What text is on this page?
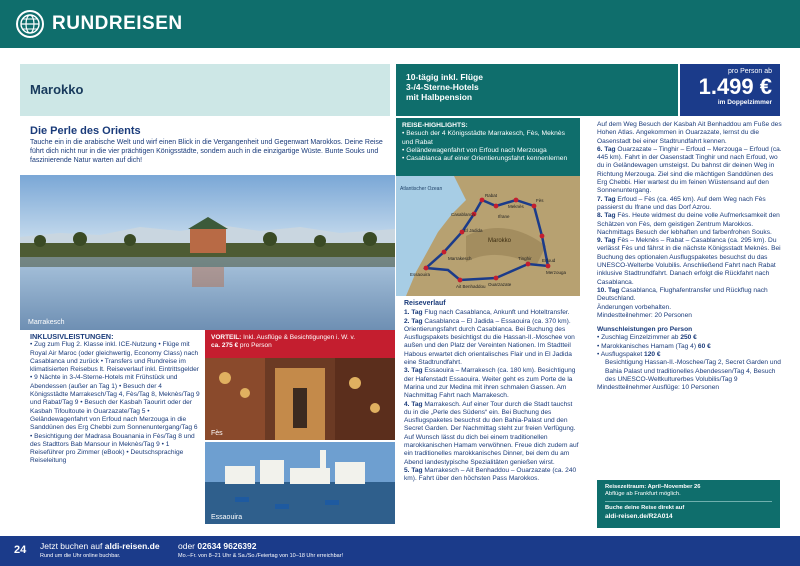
RUNDREISEN
Marokko
10-tägig inkl. Flüge
3-/4-Sterne-Hotels
mit Halbpension
pro Person ab
1.499 €
im Doppelzimmer
Die Perle des Orients
Tauche ein in die arabische Welt und wirf einen Blick in die Vergangenheit und Gegenwart Marokkos. Deine Reise führt dich nicht nur in die vier prächtigen Königsstädte, sondern auch in die einzigartige Wüste. Bunte Souks und faszinierende Natur warten auf dich!
Marrakesch
INKLUSIVLEISTUNGEN:
• Zug zum Flug 2. Klasse inkl. ICE-Nutzung • Flüge mit Royal Air Maroc (oder gleichwertig, Economy Class) nach Casablanca und zurück • Transfers und Rundreise im klimatisierten Reisebus lt. Reiseverlauf inkl. Eintrittsgelder • 9 Nächte in 3-/4-Sterne-Hotels mit Frühstück und Abendessen (außer an Tag 1) • Besuch der 4 Königsstädte Marrakesch/Tag 4, Fès/Tag 8, Meknès/Tag 9 und Rabat/Tag 9 • Besuch der Kasbah Taourirt oder der Kasbah Tifoultoute in Ouarzazate/Tag 5 • Geländewagenfahrt von Erfoud nach Merzouga in die Sanddünen des Erg Chebbi zum Sonnenuntergang/Tag 6 • Besichtigung der Madrasa Bouanania in Fès/Tag 8 und des Stadttors Bab Mansour in Meknès/Tag 9 • 1 Reiseführer pro Zimmer (eBook) • Deutschsprachige Reiseleitung
VORTEIL: Inkl. Ausflüge & Besichtigungen i. W. v.
ca. 275 € pro Person
Fès
Essaouira
REISE-HIGHLIGHTS:
• Besuch der 4 Königsstädte Marrakesch, Fès, Meknès und Rabat
• Geländewagenfahrt von Erfoud nach Merzouga
• Casablanca auf einer Orientierungsfahrt kennenlernen
Atlantischer Ozean
Marokko
Rabat
Casablanca
Meknès
Fès
El Jadida
Ifrane
Marrakesch
Essaouira
Ouarzazate
Erfoud
Merzouga
Tinghir
Ait Benhaddou
Reiseverlauf
1. Tag Flug nach Casablanca, Ankunft und Hoteltransfer.
2. Tag Casablanca – El Jadida – Essaouira (ca. 370 km). Orientierungsfahrt durch Casablanca. Bei Buchung des Ausflugspakets besichtigst du die Hassan-II.-Moschee von außen und den Platz der Vereinten Nationen. Im Stadtteil Habous erwartet dich orientalisches Flair und in El Jadida eine Stadtrundfahrt.
3. Tag Essaouira – Marrakesch (ca. 180 km). Besichtigung der Hafenstadt Essaouira. Weiter geht es zum Porte de la Marina und zur Medina mit ihren schmalen Gassen. Am Nachmittag Fahrt nach Marrakesch.
4. Tag Marrakesch. Auf einer Tour durch die Stadt tauchst du in die „Perle des Südens“ ein. Bei Buchung des Ausflugspaketes besuchst du den Bahia-Palast und den Secret Garden. Der Nachmittag steht zur freien Verfügung. Auf Wunsch lässt du dich bei einem traditionellen marokkanischen Hamam verwöhnen. Freue dich zudem auf ein traditionelles marokkanisches Dinner, bei dem du am Abend landestypische Spezialitäten genießen wirst.
5. Tag Marrakesch – Ait Benhaddou – Ouarzazate (ca. 240 km). Fahrt über den höchsten Pass Marokkos.
Auf dem Weg Besuch der Kasbah Ait Benhaddou am Fuße des Hohen Atlas. Angekommen in Ouarzazate, lernst du die Oasenstadt bei einer Stadtrundfahrt kennen.
6. Tag Ouarzazate – Tinghir – Erfoud – Merzouga – Erfoud (ca. 445 km). Fahrt in der Oasenstadt Tinghir und nach Erfoud, wo du in Geländewagen umsteigst. Du bahnst dir deinen Weg in Richtung Merzouga. Ziel sind die mächtigen Sanddünen des Erg Chebbi. Hier wartest du im feinen Wüstensand auf den Sonnenuntergang.
7. Tag Erfoud – Fès (ca. 465 km). Auf dem Weg nach Fès passierst du Ifrane und das Dorf Azrou.
8. Tag Fès. Heute widmest du deine volle Aufmerksamkeit den Schätzen von Fès, dem geistigen Zentrum Marokkos. Nachmittags Besuch der lebhaften und farbenfrohen Souks.
9. Tag Fès – Meknès – Rabat – Casablanca (ca. 295 km). Du verlässt Fès und fährst in die nächste Königsstadt Meknès. Bei Buchung des optionalen Ausflugspaketes besuchst du das UNESCO-Welterbe Volubilis. Anschließend Fahrt nach Rabat inklusive Stadtrundfahrt. Danach erfolgt die Rückfahrt nach Casablanca.
10. Tag Casablanca, Flughafentransfer und Rückflug nach Deutschland.
Änderungen vorbehalten.
Mindestteilnehmer: 20 Personen
Wunschleistungen pro Person
• Zuschlag Einzelzimmer ab 250 €
• Marokkanisches Hamam (Tag 4) 60 €
• Ausflugspaket 120 €
Besichtigung Hassan-II.-Moschee/Tag 2, Secret Garden und Bahia Palast und traditionelles Abendessen/Tag 4, Besuch des UNESCO-Weltkulturerbes Volubilis/Tag 9
Mindestteilnehmer Ausflüge: 10 Personen
Reisezeitraum: April–November 26
Abflüge ab Frankfurt möglich.
Buche deine Reise direkt auf
aldi-reisen.de/R2A014
24 Jetzt buchen auf aldi-reisen.de
Rund um die Uhr online buchbar.
oder 02634 9626392
Mo.–Fr. von 8–21 Uhr & Sa./So./Feiertag von 10–18 Uhr erreichbar!
